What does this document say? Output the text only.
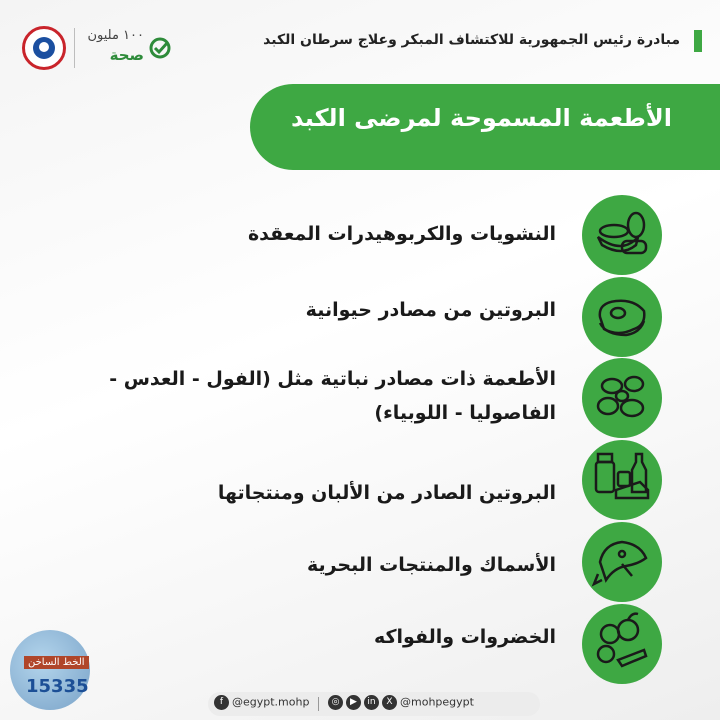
١٠٠ مليون
صحة
مبادرة رئيس الجمهورية للاكتشاف المبكر وعلاج سرطان الكبد
الأطعمة المسموحة لمرضى الكبد
النشويات والكربوهيدرات المعقدة
البروتين من مصادر حيوانية
الأطعمة ذات مصادر نباتية مثل (الفول - العدس -
الفاصوليا - اللوبياء)
البروتين الصادر من الألبان ومنتجاتها
الأسماك والمنتجات البحرية
الخضروات والفواكه
الخط الساخن
15335
f @egypt.mohp	◎ ▶ in X @mohpegypt
